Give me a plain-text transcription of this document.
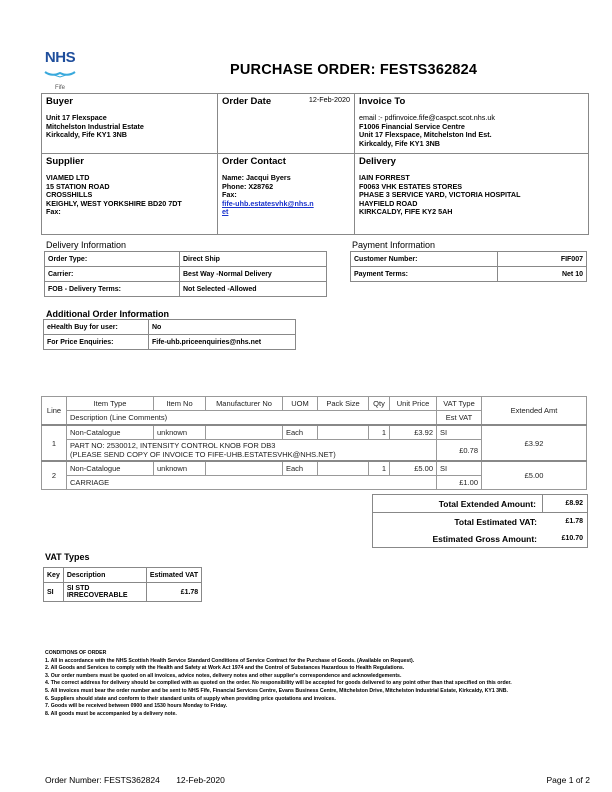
NHS
Fife
PURCHASE ORDER: FESTS362824
Buyer
Unit 17 Flexspace
Mitchelston Industrial Estate
Kirkcaldy, Fife KY1 3NB
Order Date	12-Feb-2020 Invoice To
email :- pdfinvoice.fife@caspct.scot.nhs.uk
F1006 Financial Service Centre
Unit 17 Flexspace, Mitchelston Ind Est.
Kirkcaldy, Fife KY1 3NB
Supplier
VIAMED LTD
15 STATION ROAD
CROSSHILLS
KEIGHLY, WEST YORKSHIRE BD20 7DT
Fax:
Order Contact
Name: Jacqui Byers
Phone: X28762
Fax:
fife-uhb.estatesvhk@nhs.n
et
Delivery
IAIN FORREST
F0063 VHK ESTATES STORES
PHASE 3 SERVICE YARD, VICTORIA HOSPITAL
HAYFIELD ROAD
KIRKCALDY, FIFE KY2 5AH
Delivery Information
Order Type:	Direct Ship
Carrier:	Best Way -Normal Delivery
FOB - Delivery Terms:	Not Selected -Allowed
Payment Information
Customer Number:	FIF007
Payment Terms:	Net 10
Additional Order Information
eHealth Buy for user:	No
For Price Enquiries:	Fife-uhb.priceenquiries@nhs.net
Line	Item Type	Item No	Manufacturer No	UOM	Pack Size	Qty	Unit Price	VAT Type	Extended Amt
	Description (Line Comments)							Est VAT	
1	Non-Catalogue	unknown		Each		1	£3.92	SI	£3.92

	PART NO: 2530012, INTENSITY CONTROL KNOB FOR DB3
(PLEASE SEND COPY OF INVOICE TO FIFE-UHB.ESTATESVHK@NHS.NET)							£0.78	
2	Non-Catalogue	unknown		Each		1	£5.00	SI	£5.00
	CARRIAGE							£1.00	
Total Extended Amount:	£8.92
Total Estimated VAT:	£1.78
Estimated Gross Amount:	£10.70
VAT Types
Key	Description	Estimated VAT
SI	SI STD IRRECOVERABLE	£1.78

CONDITIONS OF ORDER

1. All in accordance with the NHS Scottish Health Service Standard Conditions of Service Contract for the Purchase of Goods. (Available on Request).

2. All Goods and Services to comply with the Health and Safety at Work Act 1974 and the Control of Substances Hazardous to Health Regulations.

3. Our order numbers must be quoted on all invoices, advice notes, delivery notes and other supplier's correspondence and acknowledgements.

4. The correct address for delivery should be complied with as quoted on the order. No responsibility will be accepted for goods delivered to any point other than that specified on this order.

5. All invoices must bear the order number and be sent to NHS Fife, Financial Services Centre, Evans Business Centre, Mitchelston Drive, Mitchelston Industrial Estate, Kirkcaldy, KY1 3NB.

6. Suppliers should state and conform to their standard units of supply when providing price quotations and invoices.

7. Goods will be received between 0900 and 1530 hours Monday to Friday.

8. All goods must be accompanied by a delivery note.

Order Number: FESTS362824 12-Feb-2020	Page 1 of 2
